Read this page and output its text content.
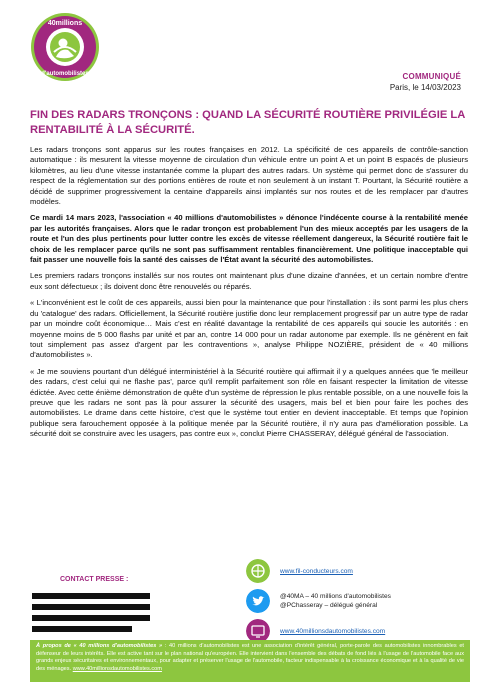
40millions
d'automobilistes	COMMUNIQUÉ
Paris, le 14/03/2023
FIN DES RADARS TRONÇONS : QUAND LA SÉCURITÉ ROUTIÈRE PRIVILÉGIE LA RENTABILITÉ À LA SÉCURITÉ.

Les radars tronçons sont apparus sur les routes françaises en 2012. La spécificité de ces appareils de contrôle-sanction automatique : ils mesurent la vitesse moyenne de circulation d'un véhicule entre un point A et un point B espacés de plusieurs kilomètres, au lieu d'une vitesse instantanée comme la plupart des autres radars. Un système qui permet donc de s'assurer du respect de la réglementation sur des portions entières de route et non seulement à un instant T. Pourtant, la Sécurité routière a décidé de supprimer progressivement la centaine d'appareils ainsi implantés sur nos routes et de les remplacer par d'autres modèles.

Ce mardi 14 mars 2023, l'association « 40 millions d'automobilistes » dénonce l'indécente course à la rentabilité menée par les autorités françaises. Alors que le radar tronçon est probablement l'un des mieux acceptés par les usagers de la route et l'un des plus pertinents pour lutter contre les excès de vitesse réellement dangereux, la Sécurité routière fait le choix de les remplacer parce qu'ils ne sont pas suffisamment rentables financièrement. Une politique inacceptable qui fait passer une nouvelle fois la santé des caisses de l'État avant la sécurité des automobilistes.

Les premiers radars tronçons installés sur nos routes ont maintenant plus d'une dizaine d'années, et un certain nombre d'entre eux sont défectueux ; ils doivent donc être renouvelés ou réparés.

« L'inconvénient est le coût de ces appareils, aussi bien pour la maintenance que pour l'installation : ils sont parmi les plus chers du 'catalogue' des radars. Officiellement, la Sécurité routière justifie donc leur remplacement progressif par un autre type de radar par un moindre coût économique… Mais c'est en réalité davantage la rentabilité de ces appareils qui soucie les autorités : en moyenne moins de 5 000 flashs par unité et par an, contre 14 000 pour un radar autonome par exemple. Ils ne génèrent en fait tout simplement pas assez d'argent par les contraventions », analyse Philippe NOZIÈRE, président de « 40 millions d'automobilistes ».

« Je me souviens pourtant d'un délégué interministériel à la Sécurité routière qui affirmait il y a quelques années que 'le meilleur des radars, c'est celui qui ne flashe pas', parce qu'il remplit parfaitement son rôle en faisant respecter la limitation de vitesse édictée. Avec cette énième démonstration de quête d'un système de répression le plus rentable possible, on a une nouvelle fois la preuve que les radars ne sont pas là pour assurer la sécurité des usagers, mais bel et bien pour faire les poches des automobilistes. Le drame dans cette histoire, c'est que le système tout entier en devient inacceptable. Et temps que l'opinion publique sera farouchement opposée à la politique menée par la Sécurité routière, il n'y aura pas d'amélioration possible. La sécurité doit se construire avec les usagers, pas contre eux », conclut Pierre CHASSERAY, délégué général de l'association.

CONTACT PRESSE :
www.fil-conducteurs.com
@40MA – 40 millions d'automobilistes
@PChasseray – délégué général
www.40millionsdautomobilistes.com
À propos de « 40 millions d'automobilistes » : 40 millions d'automobilistes est une association d'intérêt général, porte-parole des automobilistes innombrables et défenseur de leurs intérêts. Elle est active tant sur le plan national qu'européen. Elle intervient dans l'ensemble des débats de fond liés à l'usage de l'automobile face aux grands enjeux sécuritaires et environnementaux, pour adapter et préserver l'usage de l'automobile, facteur indispensable à la croissance économique et à la qualité de vie des ménages. www.40millionsdautomobilistes.com
